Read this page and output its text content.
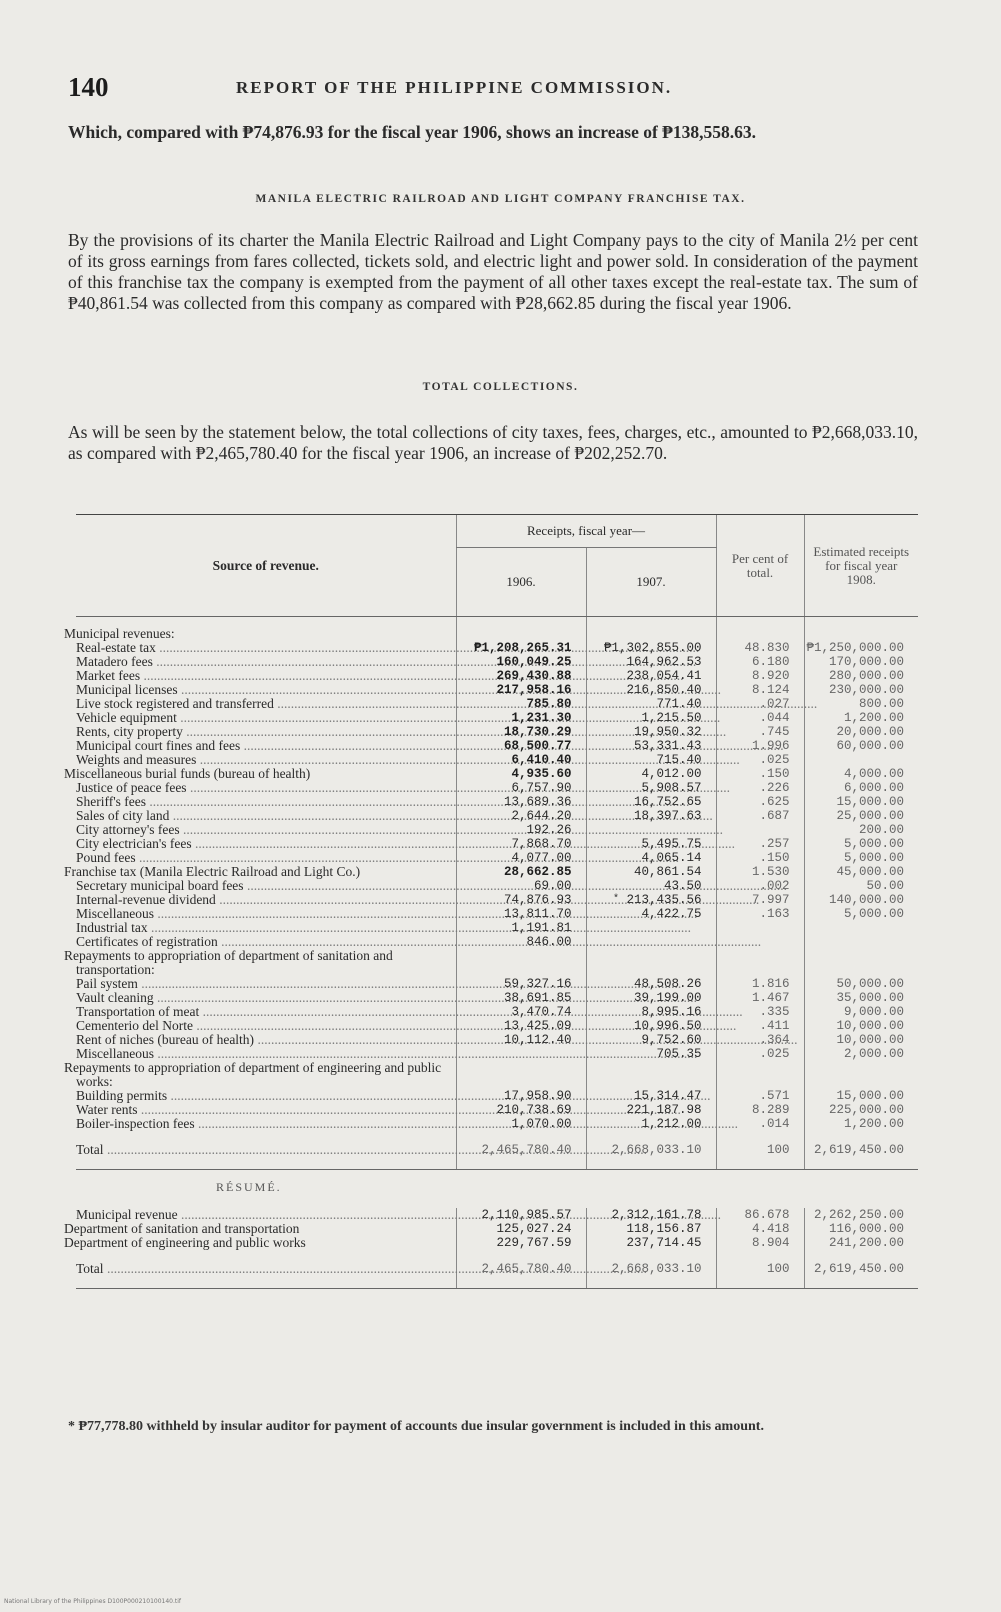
140	REPORT OF THE PHILIPPINE COMMISSION.

Which, compared with ₱74,876.93 for the fiscal year 1906, shows an increase of ₱138,558.63.

MANILA ELECTRIC RAILROAD AND LIGHT COMPANY FRANCHISE TAX.

By the provisions of its charter the Manila Electric Railroad and Light Company pays to the city of Manila 2½ per cent of its gross earnings from fares collected, tickets sold, and electric light and power sold. In consideration of the payment of this franchise tax the company is exempted from the payment of all other taxes except the real-estate tax. The sum of ₱40,861.54 was collected from this company as compared with ₱28,662.85 during the fiscal year 1906.

TOTAL COLLECTIONS.

As will be seen by the statement below, the total collections of city taxes, fees, charges, etc., amounted to ₱2,668,033.10, as compared with ₱2,465,780.40 for the fiscal year 1906, an increase of ₱202,252.70.

Source of revenue.	Receipts, fiscal year—		Per cent of total.	Estimated receipts for fiscal year 1908.
	1906.	1907.		

Municipal revenues:				

Real-estate tax .....	₱1,208,265.31	₱1,302,855.00	48.830	₱1,250,000.00

Matadero fees .....	160,049.25	164,962.53	6.180	170,000.00

Market fees .....	269,430.88	238,054.41	8.920	280,000.00

Municipal licenses .....	217,958.16	216,850.40	8.124	230,000.00

Live stock registered and transferred .....	785.80	771.40	.027	800.00

Vehicle equipment .....	1,231.30	1,215.50	.044	1,200.00

Rents, city property .....	18,730.29	19,950.32	.745	20,000.00

Municipal court fines and fees .....	68,500.77	53,331.43	1.996	60,000.00

Weights and measures .....	6,410.40	715.40	.025	
Miscellaneous burial funds (bureau of health)	4,935.60	4,012.00	.150	4,000.00

Justice of peace fees .....	6,757.90	5,908.57	.226	6,000.00

Sheriff's fees .....	13,689.36	16,752.65	.625	15,000.00

Sales of city land .....	2,644.20	18,397.63	.687	25,000.00

City attorney's fees .....	192.26			200.00

City electrician's fees .....	7,868.70	5,495.75	.257	5,000.00

Pound fees .....	4,077.00	4,065.14	.150	5,000.00
Franchise tax (Manila Electric Railroad and Light Co.)	28,662.85	40,861.54	1.530	45,000.00

Secretary municipal board fees .....	69.00	43.50	.002	50.00

Internal-revenue dividend .....	74,876.93	* 213,435.56	7.997	140,000.00

Miscellaneous .....	13,811.70	4,422.75	.163	5,000.00

Industrial tax .....	1,191.81			

Certificates of registration .....	846.00			
Repayments to appropriation of department of sanitation and transportation:				

Pail system .....	59,327.16	48,508.26	1.816	50,000.00

Vault cleaning .....	38,691.85	39,199.00	1.467	35,000.00

Transportation of meat .....	3,470.74	8,995.16	.335	9,000.00

Cementerio del Norte .....	13,425.09	10,996.50	.411	10,000.00

Rent of niches (bureau of health) .....	10,112.40	9,752.60	.364	10,000.00

Miscellaneous .....		705.35	.025	2,000.00
Repayments to appropriation of department of engineering and public works:				

Building permits .....	17,958.90	15,314.47	.571	15,000.00

Water rents .....	210,738.69	221,187.98	8.289	225,000.00

Boiler-inspection fees .....	1,070.00	1,212.00	.014	1,200.00

Total .....	2,465,780.40	2,668,033.10	100	2,619,450.00
RÉSUMÉ.				

Municipal revenue .....	2,110,985.57	2,312,161.78	86.678	2,262,250.00
Department of sanitation and transportation	125,027.24	118,156.87	4.418	116,000.00
Department of engineering and public works	229,767.59	237,714.45	8.904	241,200.00

Total .....	2,465,780.40	2,668,033.10	100	2,619,450.00

* ₱77,778.80 withheld by insular auditor for payment of accounts due insular government is included in this amount.

National Library of the Philippines D100P000210100140.tif
